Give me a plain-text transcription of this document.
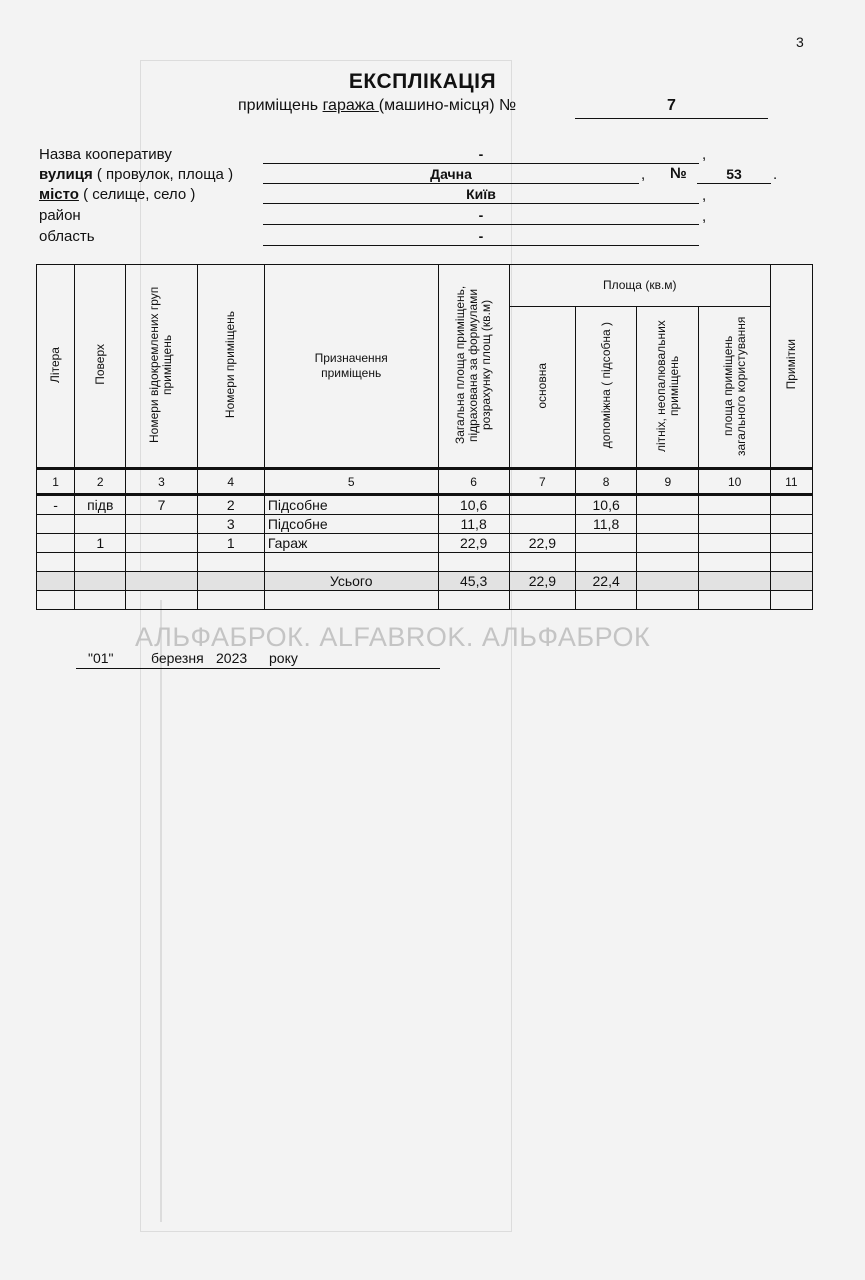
3
ЕКСПЛІКАЦІЯ
приміщень гаража (машино-місця) №	7
Назва кооперативу	-	,
вулиця ( провулок, площа )	Дачна	, №	53	.
місто ( селище, село )	Київ	,
район	-	,
область	-
Літера	Поверх	Номери відокремлених груп приміщень	Номери приміщень	Призначення приміщень	Загальна площа приміщень, підрахована за формулами розрахунку площ (кв.м)	Площа (кв.м)				Примітки
						основна	допоміжна ( підсобна )	літніх, неопалювальних приміщень	площа приміщень загального користування	
1	2	3	4	5	6	7	8	9	10	11
-	підв	7	2	Підсобне	10,6		10,6			
			3	Підсобне	11,8		11,8			
	1		1	Гараж	22,9	22,9				

				Усього	45,3	22,9	22,4			

АЛЬФАБРОК. ALFABROK. АЛЬФАБРОК
"01"	березня 2023 року
